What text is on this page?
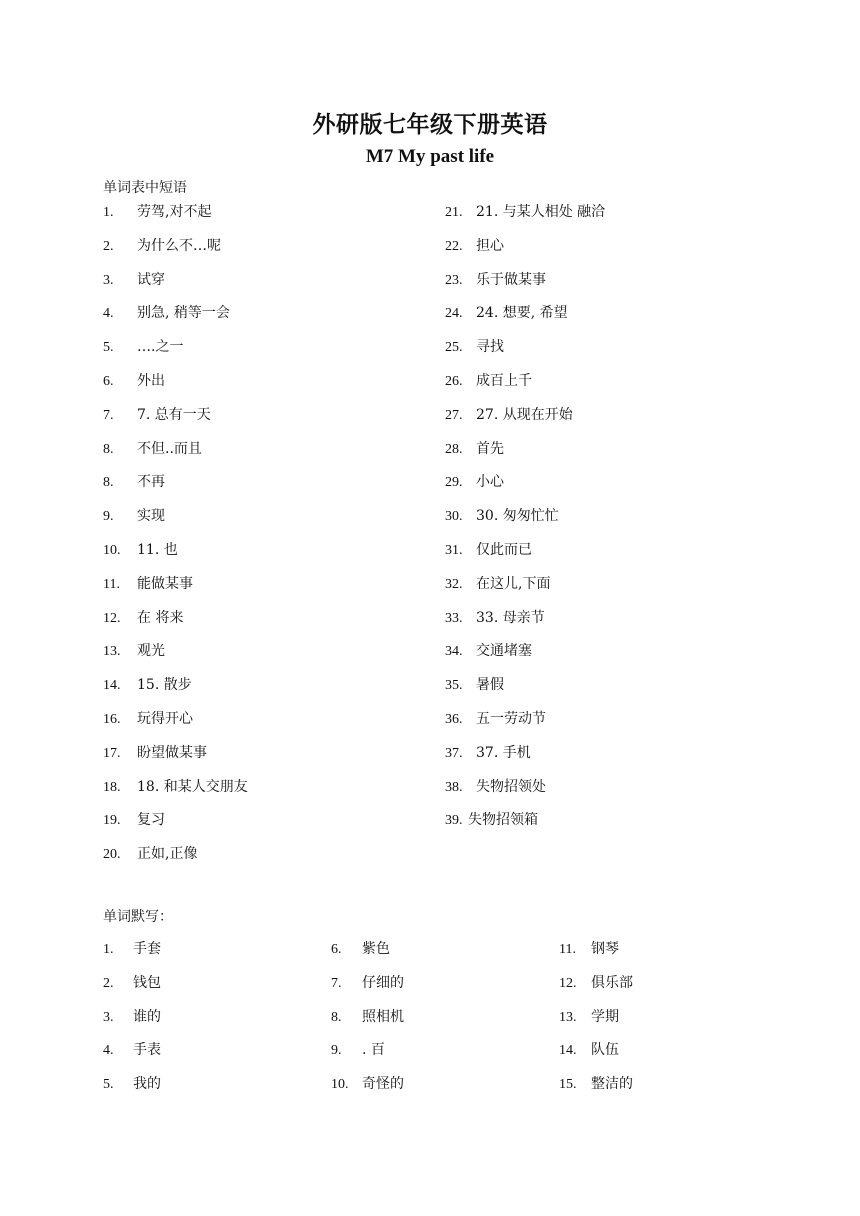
外研版七年级下册英语
M7 My past life
单词表中短语
1. 劳驾,对不起
2. 为什么不…呢
3. 试穿
4. 别急, 稍等一会
5. ….之一
6. 外出
7. 7. 总有一天
8. 不但..而且
8. 不再
9. 实现
10. 11. 也
11. 能做某事
12. 在 将来
13. 观光
14. 15. 散步
16. 玩得开心
17. 盼望做某事
18. 18. 和某人交朋友
19. 复习
20. 正如,正像
21. 21. 与某人相处 融洽
22. 担心
23. 乐于做某事
24. 24. 想要, 希望
25. 寻找
26.成百上千
27. 27. 从现在开始
28. 首先
29. 小心
30. 30. 匆匆忙忙
31. 仅此而已
32. 在这儿,下面
33. 33. 母亲节
34. 交通堵塞
35. 暑假
36. 五一劳动节
37. 37. 手机
38. 失物招领处
39. 失物招领箱
单词默写：
1. 手套
2. 钱包
3. 谁的
4.手表
5. 我的
6. 紫色
7. 仔细的
8.照相机
9. . 百
10. 奇怪的
11. 钢琴
12. 俱乐部
13. 学期
14. 队伍
15. 整洁的
